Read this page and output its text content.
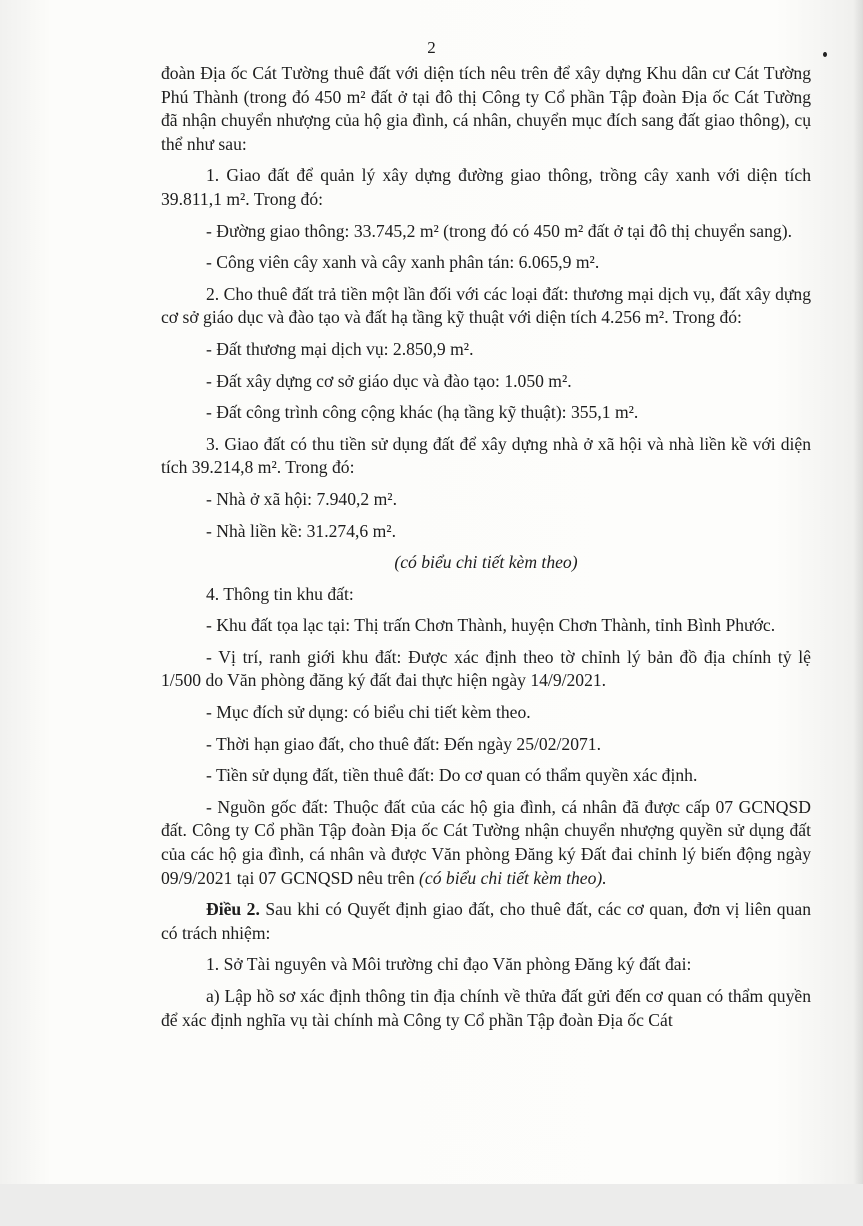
2

đoàn Địa ốc Cát Tường thuê đất với diện tích nêu trên để xây dựng Khu dân cư Cát Tường Phú Thành (trong đó 450 m² đất ở tại đô thị Công ty Cổ phần Tập đoàn Địa ốc Cát Tường đã nhận chuyển nhượng của hộ gia đình, cá nhân, chuyển mục đích sang đất giao thông), cụ thể như sau:

1. Giao đất để quản lý xây dựng đường giao thông, trồng cây xanh với diện tích 39.811,1 m². Trong đó:

- Đường giao thông: 33.745,2 m² (trong đó có 450 m² đất ở tại đô thị chuyển sang).

- Công viên cây xanh và cây xanh phân tán: 6.065,9 m².

2. Cho thuê đất trả tiền một lần đối với các loại đất: thương mại dịch vụ, đất xây dựng cơ sở giáo dục và đào tạo và đất hạ tầng kỹ thuật với diện tích 4.256 m². Trong đó:

- Đất thương mại dịch vụ: 2.850,9 m².

- Đất xây dựng cơ sở giáo dục và đào tạo: 1.050 m².

- Đất công trình công cộng khác (hạ tầng kỹ thuật): 355,1 m².

3. Giao đất có thu tiền sử dụng đất để xây dựng nhà ở xã hội và nhà liền kề với diện tích 39.214,8 m². Trong đó:

- Nhà ở xã hội: 7.940,2 m².

- Nhà liền kề: 31.274,6 m².

(có biểu chi tiết kèm theo)

4. Thông tin khu đất:

- Khu đất tọa lạc tại: Thị trấn Chơn Thành, huyện Chơn Thành, tỉnh Bình Phước.

- Vị trí, ranh giới khu đất: Được xác định theo tờ chỉnh lý bản đồ địa chính tỷ lệ 1/500 do Văn phòng đăng ký đất đai thực hiện ngày 14/9/2021.

- Mục đích sử dụng: có biểu chi tiết kèm theo.

- Thời hạn giao đất, cho thuê đất: Đến ngày 25/02/2071.

- Tiền sử dụng đất, tiền thuê đất: Do cơ quan có thẩm quyền xác định.

- Nguồn gốc đất: Thuộc đất của các hộ gia đình, cá nhân đã được cấp 07 GCNQSD đất. Công ty Cổ phần Tập đoàn Địa ốc Cát Tường nhận chuyển nhượng quyền sử dụng đất của các hộ gia đình, cá nhân và được Văn phòng Đăng ký Đất đai chỉnh lý biến động ngày 09/9/2021 tại 07 GCNQSD nêu trên (có biểu chi tiết kèm theo).

Điều 2. Sau khi có Quyết định giao đất, cho thuê đất, các cơ quan, đơn vị liên quan có trách nhiệm:

1. Sở Tài nguyên và Môi trường chỉ đạo Văn phòng Đăng ký đất đai:

a) Lập hồ sơ xác định thông tin địa chính về thửa đất gửi đến cơ quan có thẩm quyền để xác định nghĩa vụ tài chính mà Công ty Cổ phần Tập đoàn Địa ốc Cát
